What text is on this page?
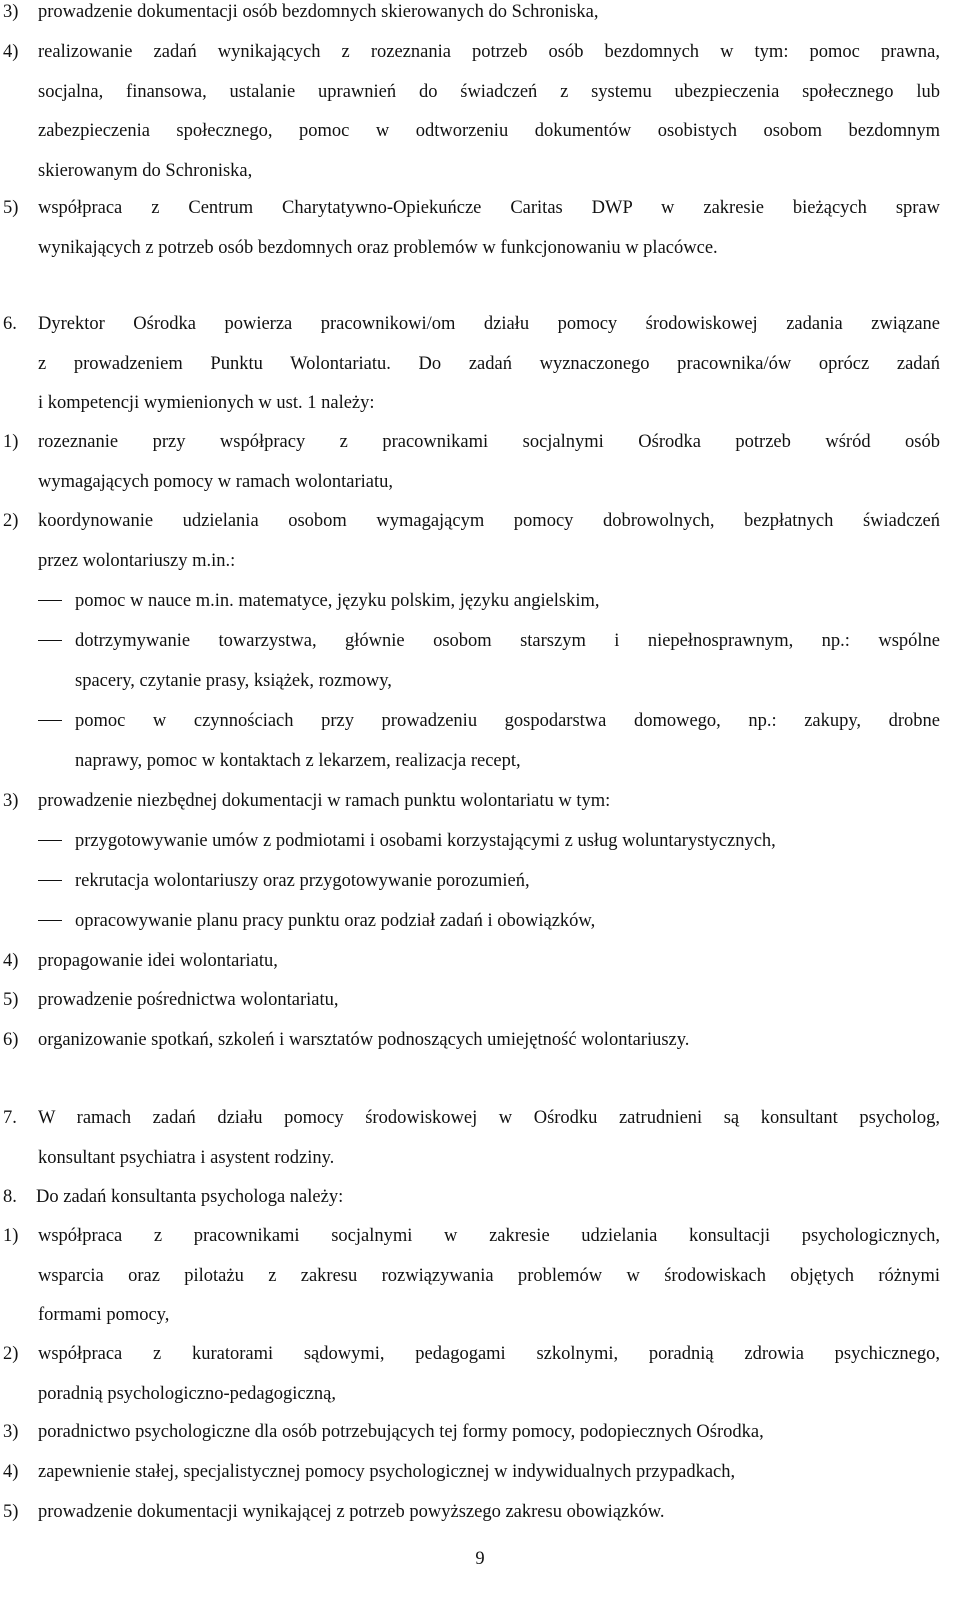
3) prowadzenie dokumentacji osób bezdomnych skierowanych do Schroniska,
4) realizowanie zadań wynikających z rozeznania potrzeb osób bezdomnych w tym: pomoc prawna,
socjalna, finansowa, ustalanie uprawnień do świadczeń z systemu ubezpieczenia społecznego lub
zabezpieczenia społecznego, pomoc w odtworzeniu dokumentów osobistych osobom bezdomnym
skierowanym do Schroniska,
5) współpraca z Centrum Charytatywno-Opiekuńcze Caritas DWP w zakresie bieżących spraw
wynikających z potrzeb osób bezdomnych oraz problemów w funkcjonowaniu w placówce.
6. Dyrektor Ośrodka powierza pracownikowi/om działu pomocy środowiskowej zadania związane
z prowadzeniem Punktu Wolontariatu. Do zadań wyznaczonego pracownika/ów oprócz zadań
i kompetencji wymienionych w ust. 1 należy:
1) rozeznanie przy współpracy z pracownikami socjalnymi Ośrodka potrzeb wśród osób
wymagających pomocy w ramach wolontariatu,
2) koordynowanie udzielania osobom wymagającym pomocy dobrowolnych, bezpłatnych świadczeń
przez wolontariuszy m.in.:
pomoc w nauce m.in. matematyce, języku polskim, języku angielskim,
dotrzymywanie towarzystwa, głównie osobom starszym i niepełnosprawnym, np.: wspólne
spacery, czytanie prasy, książek, rozmowy,
pomoc w czynnościach przy prowadzeniu gospodarstwa domowego, np.: zakupy, drobne
naprawy, pomoc w kontaktach z lekarzem, realizacja recept,
3) prowadzenie niezbędnej dokumentacji w ramach punktu wolontariatu w tym:
przygotowywanie umów z podmiotami i osobami korzystającymi z usług woluntarystycznych,
rekrutacja wolontariuszy oraz przygotowywanie porozumień,
opracowywanie planu pracy punktu oraz podział zadań i obowiązków,
4) propagowanie idei wolontariatu,
5) prowadzenie pośrednictwa wolontariatu,
6) organizowanie spotkań, szkoleń i warsztatów podnoszących umiejętność wolontariuszy.
7. W ramach zadań działu pomocy środowiskowej w Ośrodku zatrudnieni są konsultant psycholog,
konsultant psychiatra i asystent rodziny.
8. Do zadań konsultanta psychologa należy:
1) współpraca z pracownikami socjalnymi w zakresie udzielania konsultacji psychologicznych,
wsparcia oraz pilotażu z zakresu rozwiązywania problemów w środowiskach objętych różnymi
formami pomocy,
2) współpraca z kuratorami sądowymi, pedagogami szkolnymi, poradnią zdrowia psychicznego,
poradnią psychologiczno-pedagogiczną,
3) poradnictwo psychologiczne dla osób potrzebujących tej formy pomocy, podopiecznych Ośrodka,
4) zapewnienie stałej, specjalistycznej pomocy psychologicznej w indywidualnych przypadkach,
5) prowadzenie dokumentacji wynikającej z potrzeb powyższego zakresu obowiązków.
9
